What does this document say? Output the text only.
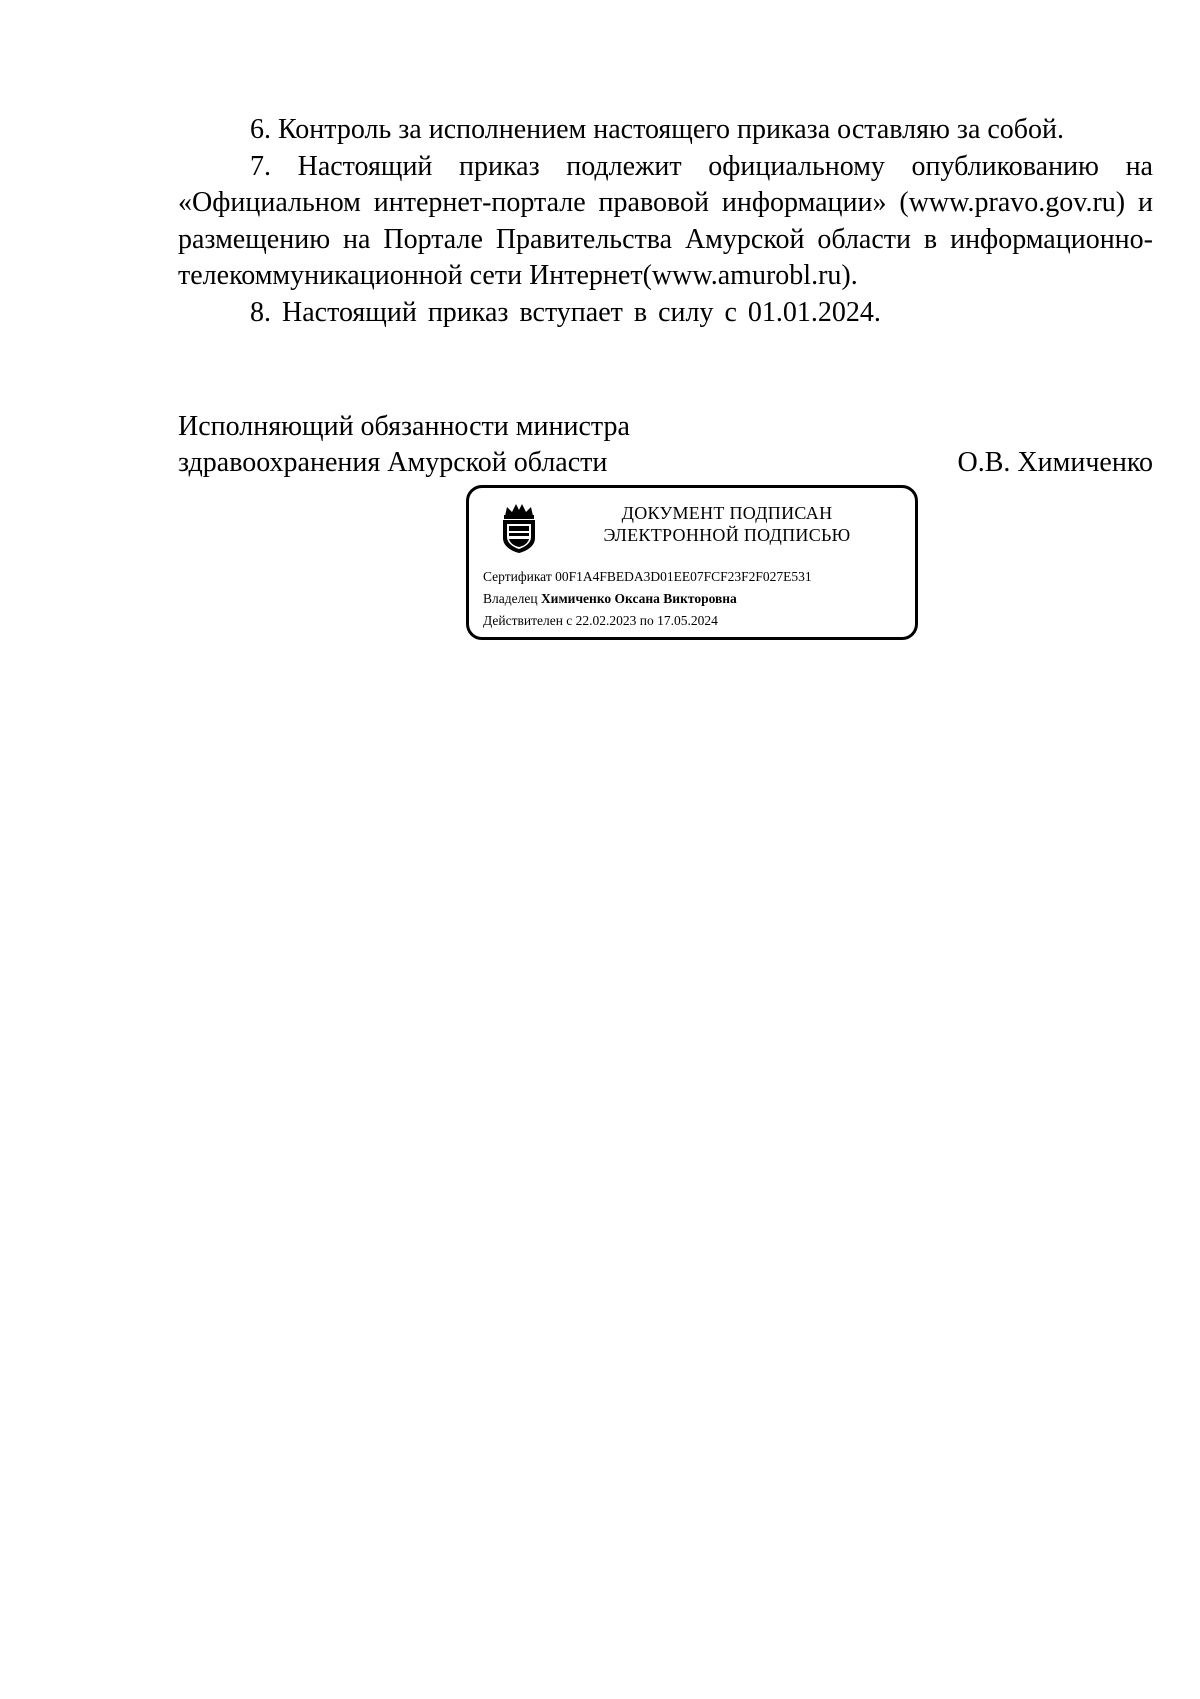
6. Контроль за исполнением настоящего приказа оставляю за собой.

7. Настоящий приказ подлежит официальному опубликованию на «Официальном интернет-портале правовой информации» (www.pravo.gov.ru) и размещению на Портале Правительства Амурской области в информационно-телекоммуникационной сети Интернет(www.amurobl.ru).

8. Настоящий приказ вступает в силу с 01.01.2024.

Исполняющий обязанности министра
здравоохранения Амурской области	О.В. Химиченко
ДОКУМЕНТ ПОДПИСАН
ЭЛЕКТРОННОЙ ПОДПИСЬЮ
Сертификат 00F1A4FBEDA3D01EE07FCF23F2F027E531
Владелец Химиченко Оксана Викторовна
Действителен с 22.02.2023 по 17.05.2024
